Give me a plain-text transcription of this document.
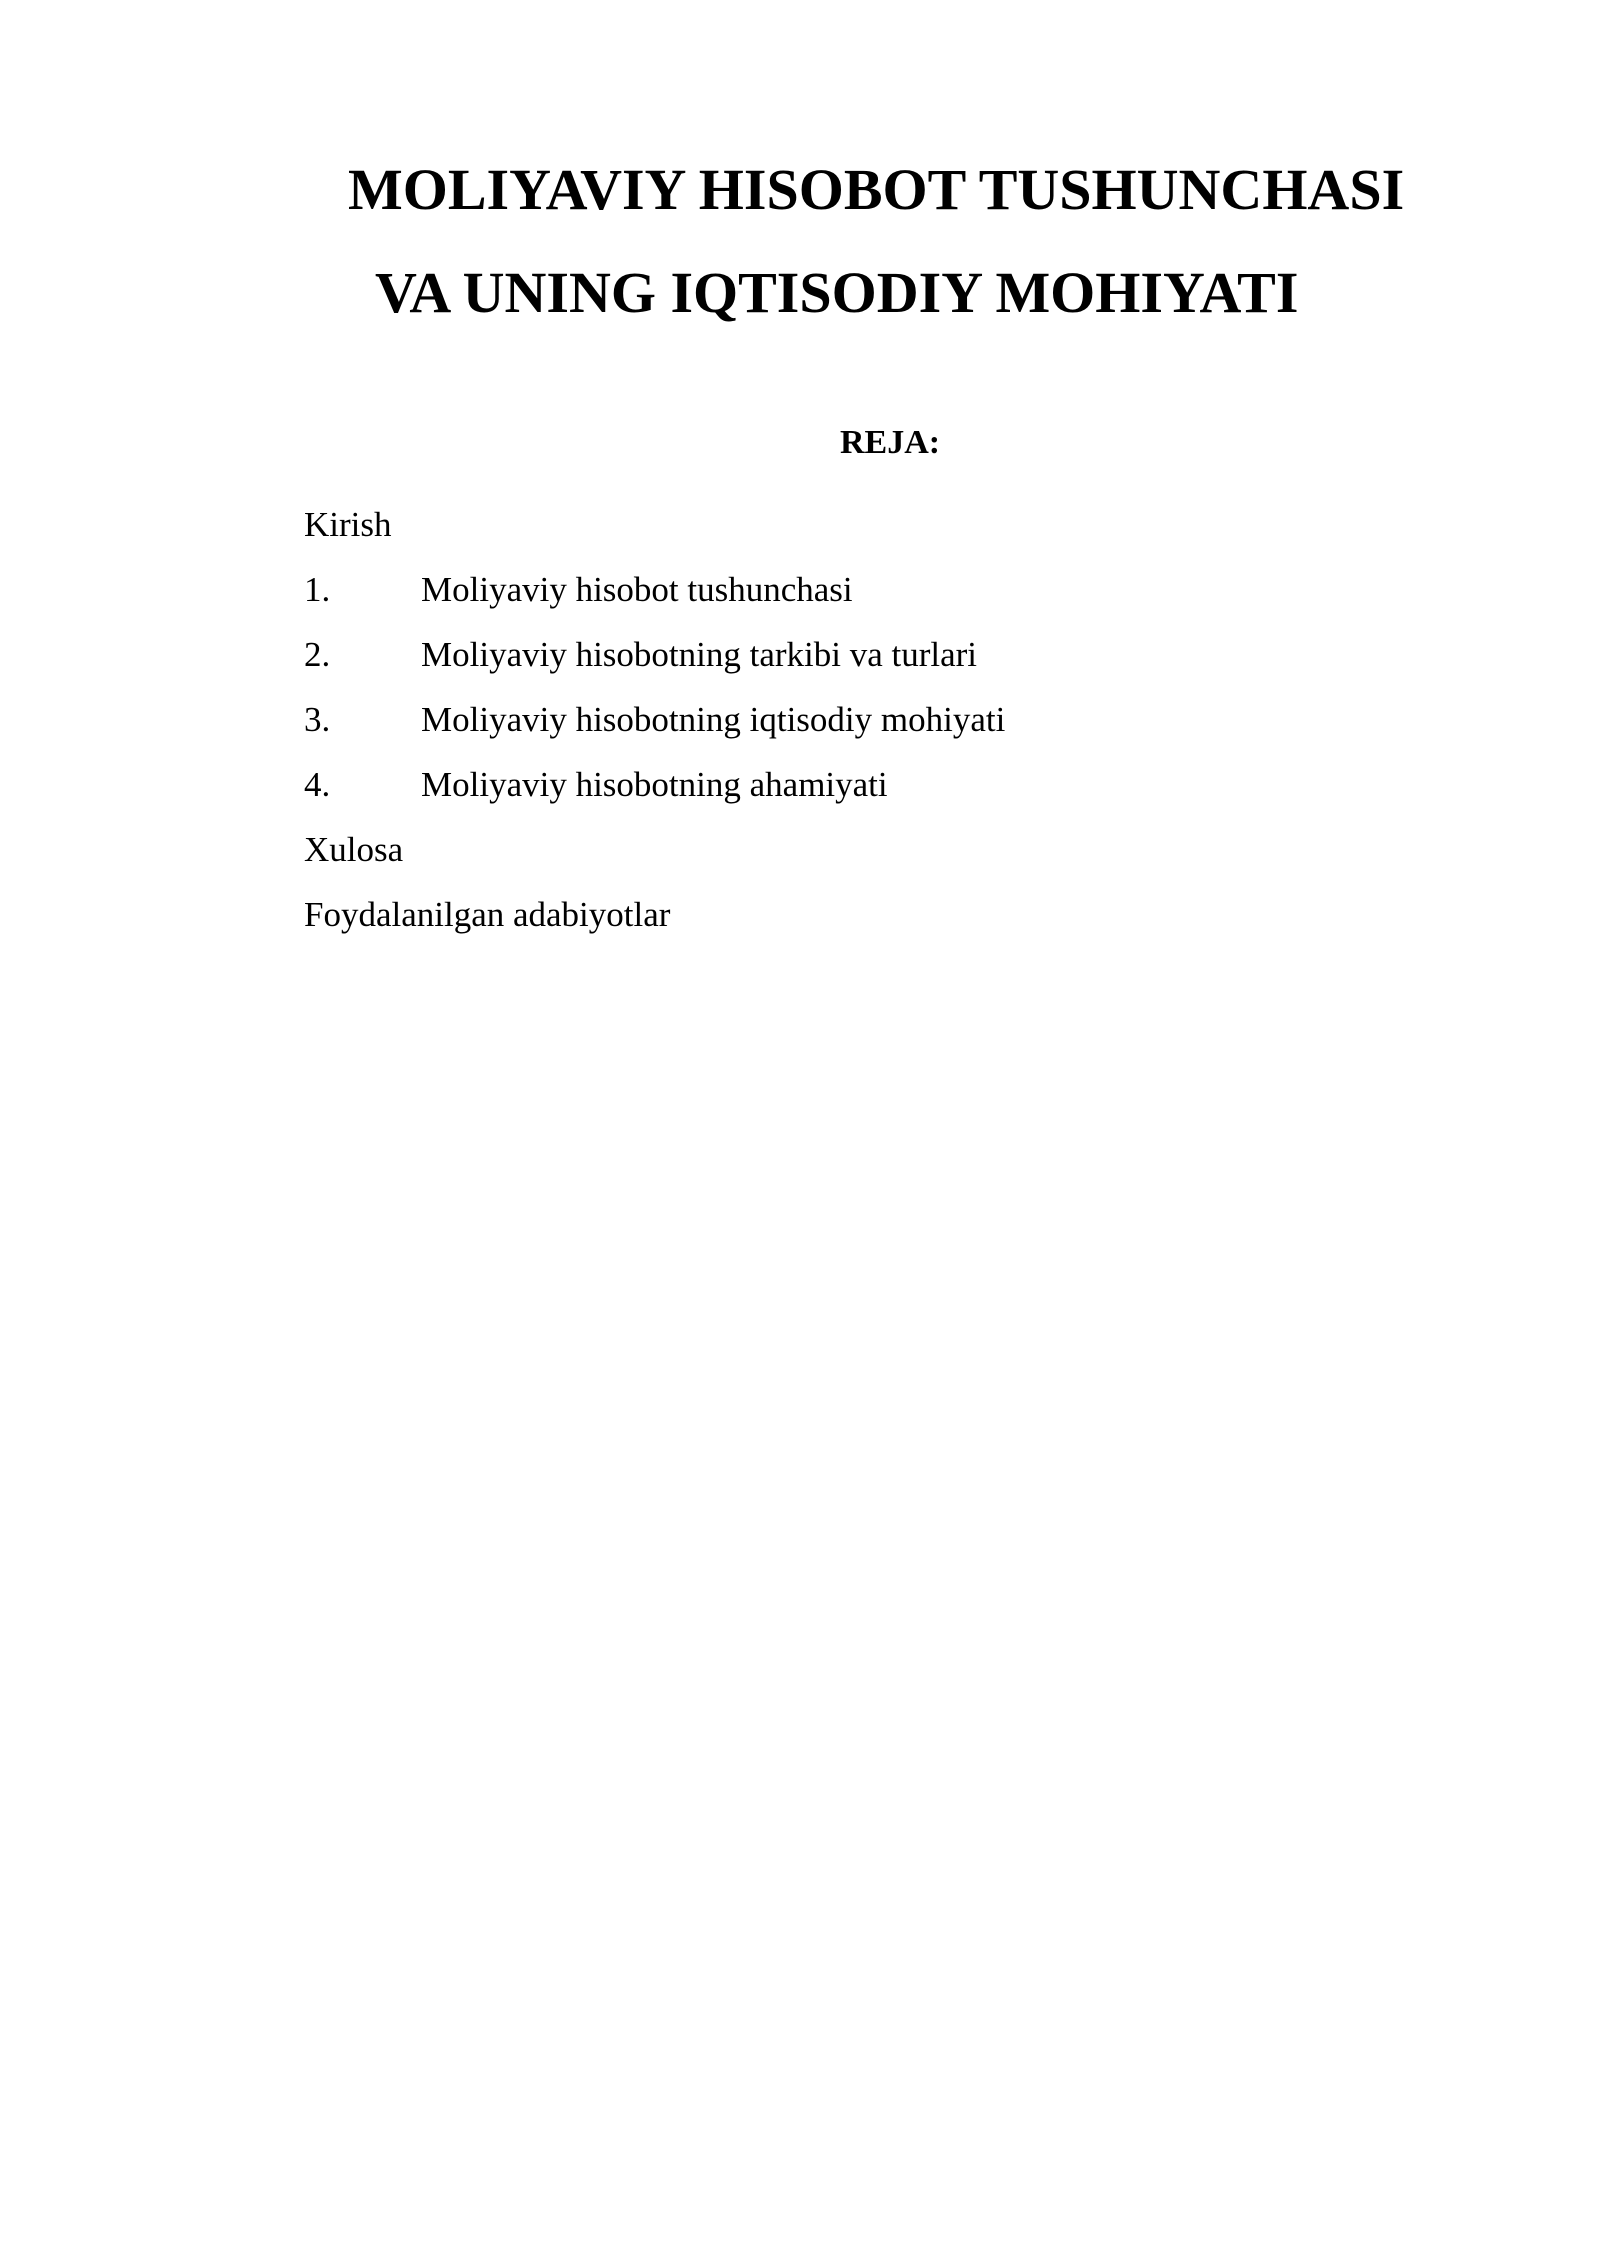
MOLIYAVIY HISOBOT TUSHUNCHASI
VA UNING IQTISODIY MOHIYATI
REJA:
Kirish
1.	Moliyaviy hisobot tushunchasi
2.	Moliyaviy hisobotning tarkibi va turlari
3.	Moliyaviy hisobotning iqtisodiy mohiyati
4.	Moliyaviy hisobotning ahamiyati
Xulosa
Foydalanilgan adabiyotlar
